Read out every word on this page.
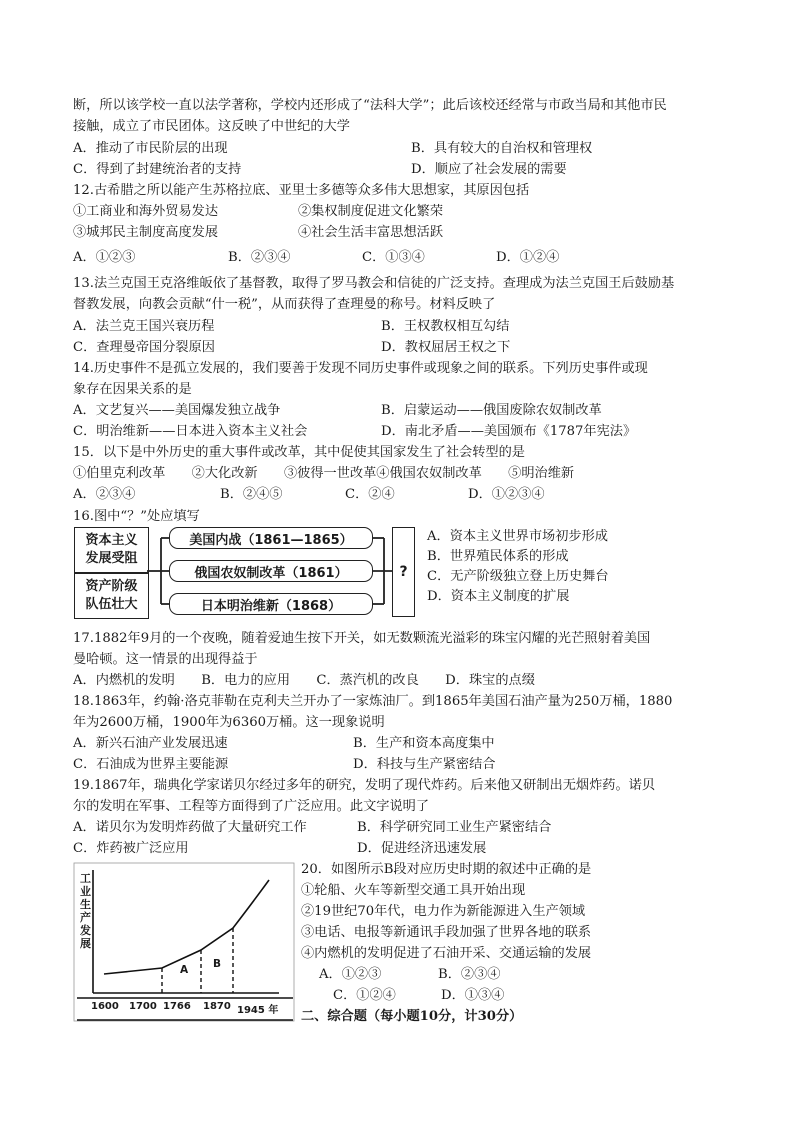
断，所以该学校一直以法学著称，学校内还形成了“法科大学”；此后该校还经常与市政当局和其他市民
接触，成立了市民团体。这反映了中世纪的大学
A．推动了市民阶层的出现	B．具有较大的自治权和管理权
C．得到了封建统治者的支持	D．顺应了社会发展的需要
12.古希腊之所以能产生苏格拉底、亚里士多德等众多伟大思想家，其原因包括
①工商业和海外贸易发达	②集权制度促进文化繁荣
③城邦民主制度高度发展	④社会生活丰富思想活跃
A．①②③	B．②③④	C．①③④	D．①②④
13.法兰克国王克洛维皈依了基督教，取得了罗马教会和信徒的广泛支持。查理成为法兰克国王后鼓励基
督教发展，向教会贡献“什一税”，从而获得了查理曼的称号。材料反映了
A．法兰克王国兴衰历程	B．王权教权相互勾结
C．查理曼帝国分裂原因	D．教权屈居王权之下
14.历史事件不是孤立发展的，我们要善于发现不同历史事件或现象之间的联系。下列历史事件或现
象存在因果关系的是
A．文艺复兴——美国爆发独立战争	B．启蒙运动——俄国废除农奴制改革
C．明治维新——日本进入资本主义社会	D．南北矛盾——美国颁布《1787年宪法》
15．以下是中外历史的重大事件或改革，其中促使其国家发生了社会转型的是
①伯里克利改革　　②大化改新　　③彼得一世改革④俄国农奴制改革　　⑤明治维新
A．②③④	B．②④⑤	C．②④	D．①②③④
16.图中“？”处应填写
资本主义发展受阻
资产阶级队伍壮大
美国内战（1861—1865）
俄国农奴制改革（1861）
日本明治维新（1868）
?
A．资本主义世界市场初步形成
B．世界殖民体系的形成
C．无产阶级独立登上历史舞台
D．资本主义制度的扩展
17.1882年9月的一个夜晚，随着爱迪生按下开关，如无数颗流光溢彩的珠宝闪耀的光芒照射着美国
曼哈顿。这一情景的出现得益于
A．内燃机的发明　　B．电力的应用　　C．蒸汽机的改良　　D．珠宝的点缀
18.1863年，约翰·洛克菲勒在克利夫兰开办了一家炼油厂。到1865年美国石油产量为250万桶，1880
年为2600万桶，1900年为6360万桶。这一现象说明
A．新兴石油产业发展迅速	B．生产和资本高度集中
C．石油成为世界主要能源	D．科技与生产紧密结合
19.1867年，瑞典化学家诺贝尔经过多年的研究，发明了现代炸药。后来他又研制出无烟炸药。诺贝
尔的发明在军事、工程等方面得到了广泛应用。此文字说明了
A．诺贝尔为发明炸药做了大量研究工作	B．科学研究同工业生产紧密结合
C．炸药被广泛应用	D．促进经济迅速发展
20．如图所示B段对应历史时期的叙述中正确的是
①轮船、火车等新型交通工具开始出现
②19世纪70年代，电力作为新能源进入生产领域
③电话、电报等新通讯手段加强了世界各地的联系
④内燃机的发明促进了石油开采、交通运输的发展
A．①②③	B．②③④
C．①②④	D．①③④
二、综合题（每小题10分，计30分）
工业生产发展
A B
1600 1700 1766 1870 1945 年
